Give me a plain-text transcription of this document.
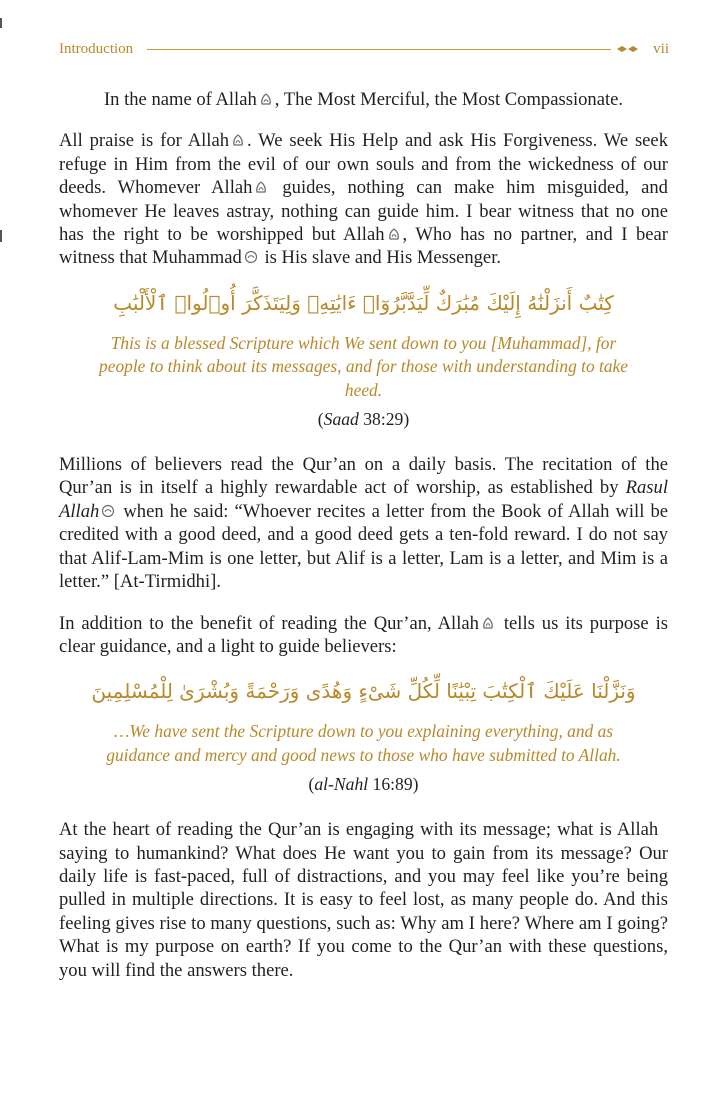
Introduction	vii

In the name of Allah , The Most Merciful, the Most Compassionate.

All praise is for Allah . We seek His Help and ask His Forgiveness. We seek refuge in Him from the evil of our own souls and from the wickedness of our deeds. Whomever Allah
guides, nothing can make him misguided, and whomever He leaves astray, nothing can guide him. I bear witness that no one has the right to be worshipped but Allah , Who has no partner, and I bear witness that Muhammad
is His slave and His Messenger.

كِتَٰبٌ أَنزَلْنَٰهُ إِلَيْكَ مُبَٰرَكٌ لِّيَدَّبَّرُوٓا۟ ءَايَٰتِهِۦ وَلِيَتَذَكَّرَ أُو۟لُوا۟ ٱلْأَلْبَٰبِ
This is a blessed Scripture which We sent down to you [Muhammad], for people to think about its messages, and for those with understanding to take heed.
(Saad 38:29)

Millions of believers read the Qur’an on a daily basis. The recitation of the Qur’an is in itself a highly rewardable act of worship, as established by Rasul Allah
when he said: “Whoever recites a letter from the Book of Allah will be credited with a good deed, and a good deed gets a ten-fold reward. I do not say that Alif-Lam-Mim is one letter, but Alif is a letter, Lam is a letter, and Mim is a letter.” [At-Tirmidhi].

In addition to the benefit of reading the Qur’an, Allah
tells us its purpose is clear guidance, and a light to guide believers:

وَنَزَّلْنَا عَلَيْكَ ٱلْكِتَٰبَ تِبْيَٰنًا لِّكُلِّ شَىْءٍ وَهُدًى وَرَحْمَةً وَبُشْرَىٰ لِلْمُسْلِمِينَ
…We have sent the Scripture down to you explaining everything, and as guidance and mercy and good news to those who have submitted to Allah.
(al-Nahl 16:89)

At the heart of reading the Qur’an is engaging with its message; what is Allah  saying to humankind? What does He want you to gain from its message? Our daily life is fast-paced, full of distractions, and you may feel like you’re being pulled in multiple directions. It is easy to feel lost, as many people do. And this feeling gives rise to many questions, such as: Why am I here? Where am I going? What is my purpose on earth? If you come to the Qur’an with these questions, you will find the answers there.
